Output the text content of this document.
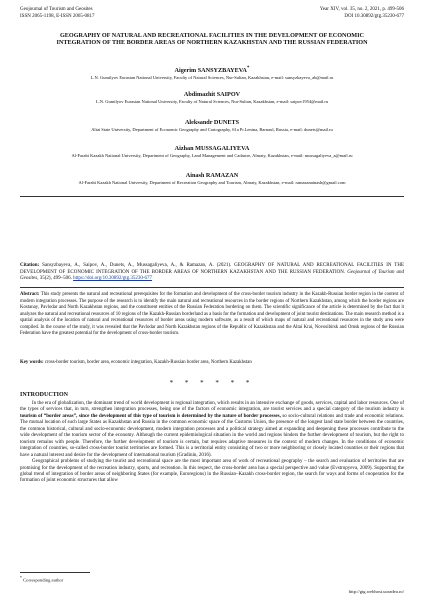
Geojournal of Tourism and Geosites
ISSN 2065-1198, E-ISSN 2065-0817
Year XIV, vol. 35, no. 2, 2021, p. 499-506
DOI 10.30892/gtg.35230-677
GEOGRAPHY OF NATURAL AND RECREATIONAL FACILITIES IN THE DEVELOPMENT OF ECONOMIC INTEGRATION OF THE BORDER AREAS OF NORTHERN KAZAKHSTAN AND THE RUSSIAN FEDERATION
Aigerim SANSYZBAYEVA*
L.N. Gumilyov Eurasian National University, Faculty of Natural Sciences, Nur-Sultan, Kazakhstan, e-mail: sansyzbayeva_ab@mail.ru
Abdimazhit SAIPOV
L.N. Gumilyov Eurasian National University, Faculty of Natural Sciences, Nur-Sultan, Kazakhstan, e-mail: saipov1954@mail.ru
Aleksandr DUNETS
Altai State University, Department of Economic Geography and Cartography, 61a Pr.Lenina, Barnaul, Russia, e-mail: dunets@mail.ru
Aizhan MUSSAGALIYEVA
Al-Farabi Kazakh National University, Department of Geography, Land Management and Cadastre, Almaty, Kazakhstan, e-mail: mussagaliyeva_a@mail.ru
Ainash RAMAZAN
Al-Farabi Kazakh National University, Department of Recreation Geography and Tourism, Almaty, Kazakhstan, e-mail: ramazanainash@gmail.com
Citation: Sansyzbayeva, A., Saipov, A., Dunets, A., Mussagaliyeva, A., & Ramazan, A. (2021). GEOGRAPHY OF NATURAL AND RECREATIONAL FACILITIES IN THE DEVELOPMENT OF ECONOMIC INTEGRATION OF THE BORDER AREAS OF NORTHERN KAZAKHSTAN AND THE RUSSIAN FEDERATION. Geojournal of Tourism and Geosites, 35(2), 499–506. https://doi.org/10.30892/gtg.35230-677
Abstract: This study presents the natural and recreational prerequisites for the formation and development of the cross-border tourism industry in the Kazakh-Russian border region in the context of modern integration processes. The purpose of the research is to identify the main natural and recreational resources in the border regions of Northern Kazakhstan, among which the border regions are Kostanay, Pavlodar and North Kazakhstan regions, and the constituent entities of the Russian Federation bordering on them. The scientific significance of the article is determined by the fact that it analyzes the natural and recreational resources of 10 regions of the Kazakh-Russian borderland as a basis for the formation and development of joint tourist destinations. The main research method is a spatial analysis of the location of natural and recreational resources of border areas using modern software, as a result of which maps of natural and recreational resources in the study area were compiled. In the course of the study, it was revealed that the Pavlodar and North Kazakhstan regions of the Republic of Kazakhstan and the Altai Krai, Novosibirsk and Omsk regions of the Russian Federation have the greatest potential for the development of cross-border tourism.
Key words: cross-border tourism, border area, economic integration, Kazakh-Russian border area, Northern Kazakhstan
* * * * * *
INTRODUCTION

In the era of globalization, the dominant trend of world development is regional integration, which results in an intensive exchange of goods, services, capital and labor resources. One of the types of services that, in turn, strengthen integration processes, being one of the factors of economic integration, are tourist services and a special category of the tourism industry is tourism of “border areas”, since the development of this type of tourism is determined by the nature of border processes, so socio-cultural relations and trade and economic relations. The mutual location of such large States as Kazakhstan and Russia in the common economic space of the Customs Union, the presence of the longest land state border between the countries, the common historical, cultural and socio-economic development, modern integration processes and a political strategy aimed at expanding and deepening these processes contribute to the wide development of the tourism sector of the economy. Although the current epidemiological situation in the world and regions hinders the further development of tourism, but the right to tourism remains with people. Therefore, the further development of tourism is certain, but requires adaptive measures in the context of modern changes. In the conditions of economic integration of countries, so-called cross-border tourist territories are formed. This is a territorial entity consisting of two or more neighboring or closely located countries or their regions that have a natural interest and desire for the development of international tourism (Gradinin, 2016).

Geographical problems of studying the tourist and recreational space are the most important area of work of recreational geography – the search and evaluation of territories that are promising for the development of the recreation industry, sports, and recreation. In this respect, the cross-border area has a special perspective and value (Evstropyeva, 2009). Supporting the global trend of integration of border areas of neighboring States (for example, Euroregions) in the Russian–Kazakh cross-border region, the search for ways and forms of cooperation for the formation of joint economic structures that allow

* Corresponding author
http://gtg.webhost.uoradea.ro/
